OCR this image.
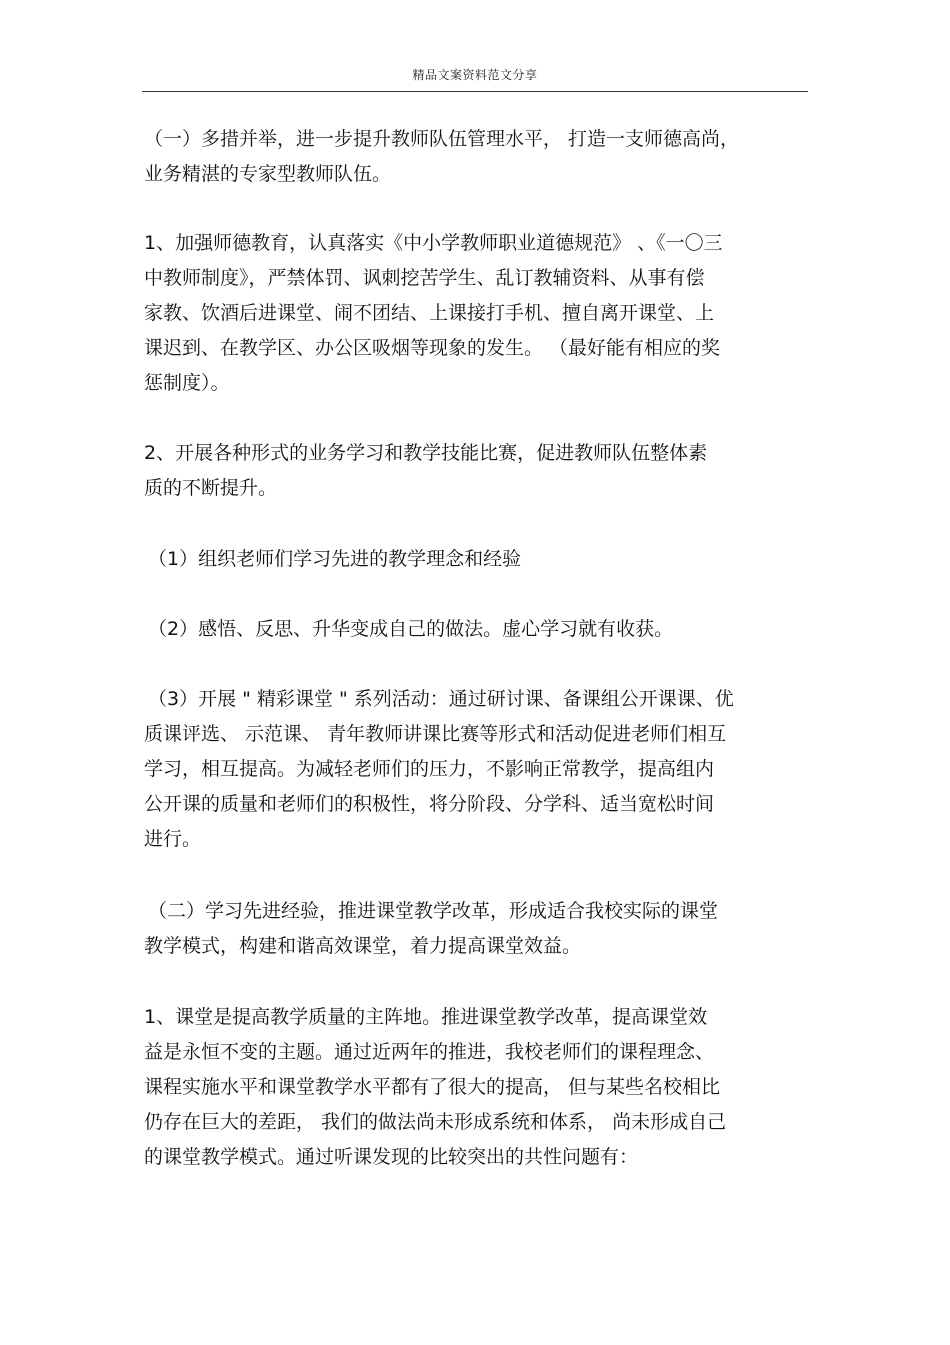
精品文案资料范文分享
（一）多措并举，进一步提升教师队伍管理水平， 打造一支师德高尚，
业务精湛的专家型教师队伍。
1、加强师德教育，认真落实《中小学教师职业道德规范》 、《一〇三
中教师制度》，严禁体罚、讽刺挖苦学生、乱订教辅资料、从事有偿
家教、饮酒后进课堂、闹不团结、上课接打手机、擅自离开课堂、上
课迟到、在教学区、办公区吸烟等现象的发生。 （最好能有相应的奖
惩制度）。
2、开展各种形式的业务学习和教学技能比赛，促进教师队伍整体素
质的不断提升。
（1）组织老师们学习先进的教学理念和经验
（2）感悟、反思、升华变成自己的做法。虚心学习就有收获。
（3）开展 " 精彩课堂 " 系列活动：通过研讨课、备课组公开课课、优
质课评选、 示范课、 青年教师讲课比赛等形式和活动促进老师们相互
学习，相互提高。为减轻老师们的压力，不影响正常教学，提高组内
公开课的质量和老师们的积极性，将分阶段、分学科、适当宽松时间
进行。
（二）学习先进经验，推进课堂教学改革，形成适合我校实际的课堂
教学模式，构建和谐高效课堂，着力提高课堂效益。
1、课堂是提高教学质量的主阵地。推进课堂教学改革，提高课堂效
益是永恒不变的主题。通过近两年的推进，我校老师们的课程理念、
课程实施水平和课堂教学水平都有了很大的提高， 但与某些名校相比
仍存在巨大的差距， 我们的做法尚未形成系统和体系， 尚未形成自己
的课堂教学模式。通过听课发现的比较突出的共性问题有：
